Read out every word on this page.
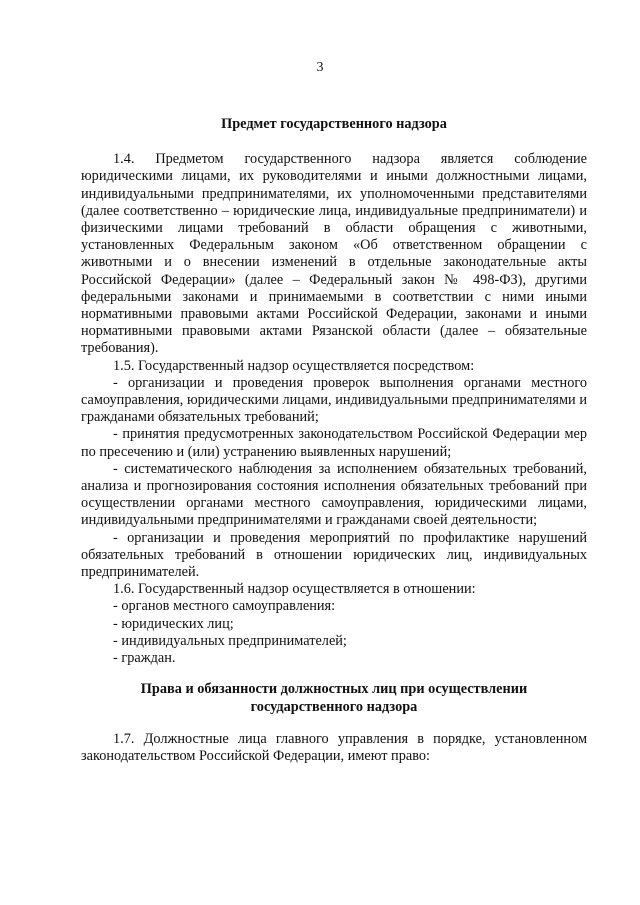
3

Предмет государственного надзора

1.4. Предметом государственного надзора является соблюдение юридическими лицами, их руководителями и иными должностными лицами, индивидуальными предпринимателями, их уполномоченными представителями (далее соответственно – юридические лица, индивидуальные предприниматели) и физическими лицами требований в области обращения с животными, установленных Федеральным законом «Об ответственном обращении с животными и о внесении изменений в отдельные законодательные акты Российской Федерации» (далее – Федеральный закон № 498-ФЗ), другими федеральными законами и принимаемыми в соответствии с ними иными нормативными правовыми актами Российской Федерации, законами и иными нормативными правовыми актами Рязанской области (далее – обязательные требования).

1.5. Государственный надзор осуществляется посредством:

- организации и проведения проверок выполнения органами местного самоуправления, юридическими лицами, индивидуальными предпринимателями и гражданами обязательных требований;

- принятия предусмотренных законодательством Российской Федерации мер по пресечению и (или) устранению выявленных нарушений;

- систематического наблюдения за исполнением обязательных требований, анализа и прогнозирования состояния исполнения обязательных требований при осуществлении органами местного самоуправления, юридическими лицами, индивидуальными предпринимателями и гражданами своей деятельности;

- организации и проведения мероприятий по профилактике нарушений обязательных требований в отношении юридических лиц, индивидуальных предпринимателей.

1.6. Государственный надзор осуществляется в отношении:

- органов местного самоуправления:

- юридических лиц;

- индивидуальных предпринимателей;

- граждан.

Права и обязанности должностных лиц при осуществлении
государственного надзора

1.7. Должностные лица главного управления в порядке, установленном законодательством Российской Федерации, имеют право:
